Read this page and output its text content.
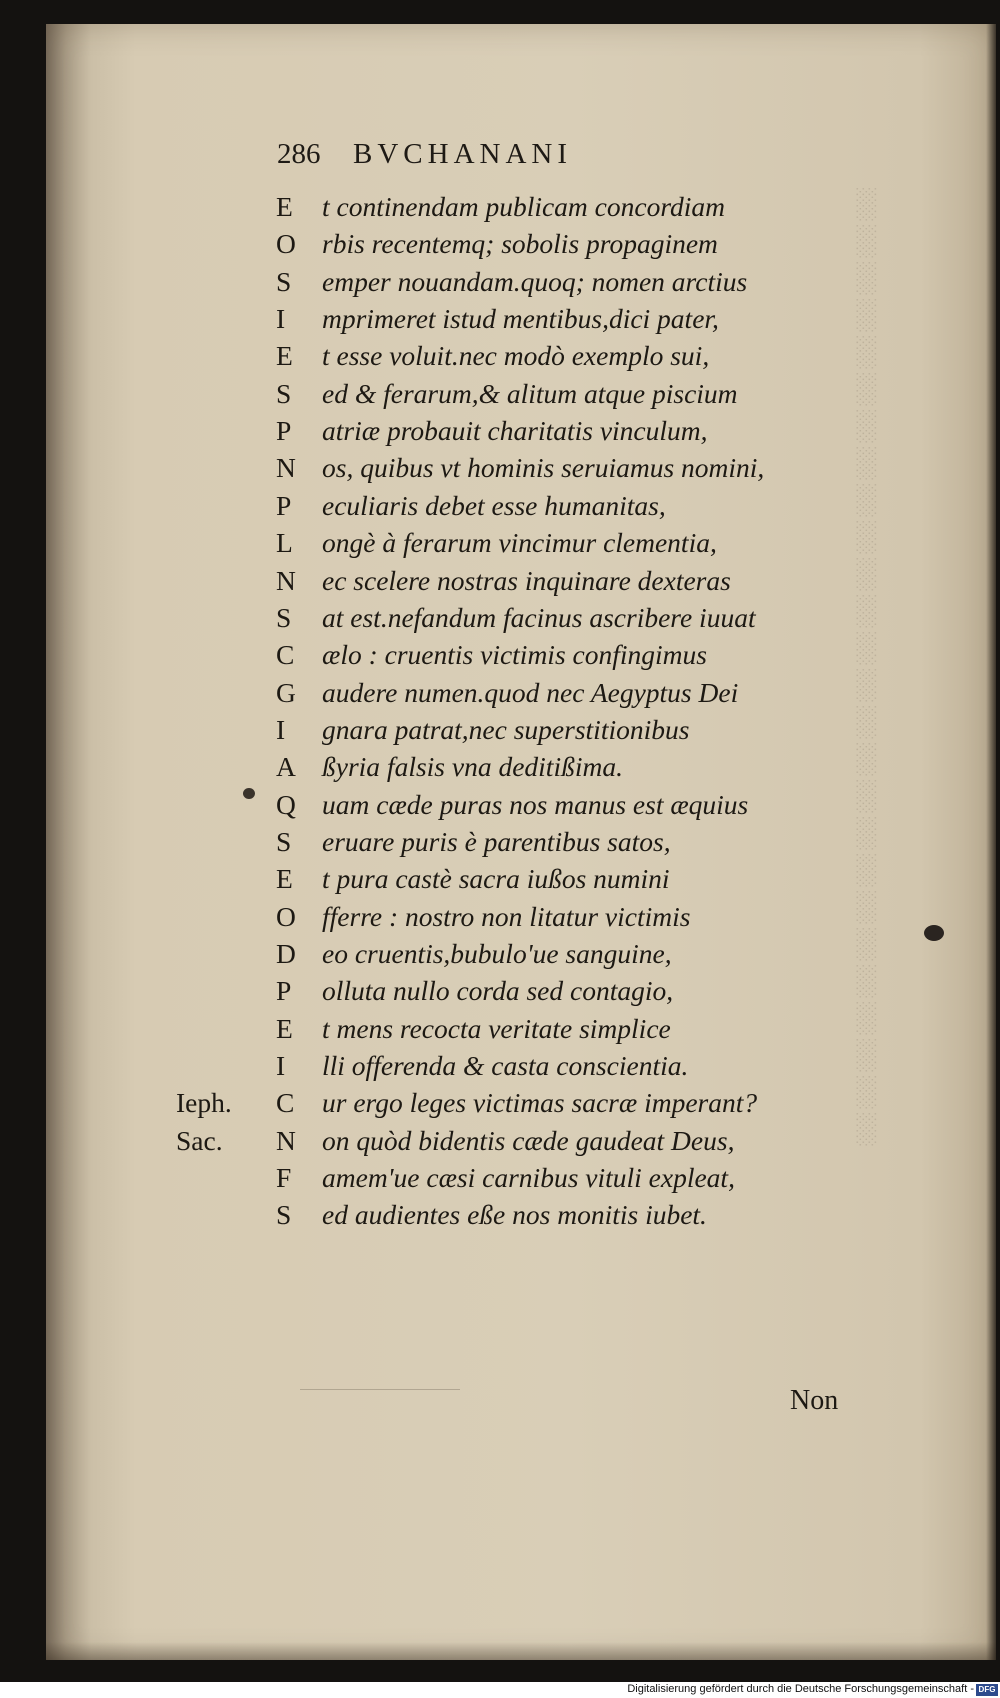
░
░
░
░
░
░
░
░
░
░
░
░
░
░
░
░
░
░
░
░
░
░
░
░
░
░
286 BVCHANANI
E t continendam publicam concordiam
O rbis recentemq; sobolis propaginem
S emper nouandam.quoq; nomen arctius
I mprimeret istud mentibus,dici pater,
E t esse voluit.nec modò exemplo sui,
S ed & ferarum,& alitum atque piscium
P atriæ probauit charitatis vinculum,
N os, quibus vt hominis seruiamus nomini,
P eculiaris debet esse humanitas,
L ongè à ferarum vincimur clementia,
N ec scelere nostras inquinare dexteras
S at est.nefandum facinus ascribere iuuat
C ælo : cruentis victimis confingimus
G audere numen.quod nec Aegyptus Dei
I gnara patrat,nec superstitionibus
A ßyria falsis vna deditißima.
Q uam cæde puras nos manus est æquius
S eruare puris è parentibus satos,
E t pura castè sacra iußos numini
O fferre : nostro non litatur victimis
D eo cruentis,bubulo'ue sanguine,
P olluta nullo corda sed contagio,
E t mens recocta veritate simplice
I lli offerenda & casta conscientia.
Ieph. C ur ergo leges victimas sacræ imperant?
Sac. N on quòd bidentis cæde gaudeat Deus,
F amem'ue cæsi carnibus vituli expleat,
S ed audientes eße nos monitis iubet.
Non
Digitalisierung gefördert durch die Deutsche Forschungsgemeinschaft - DFG
